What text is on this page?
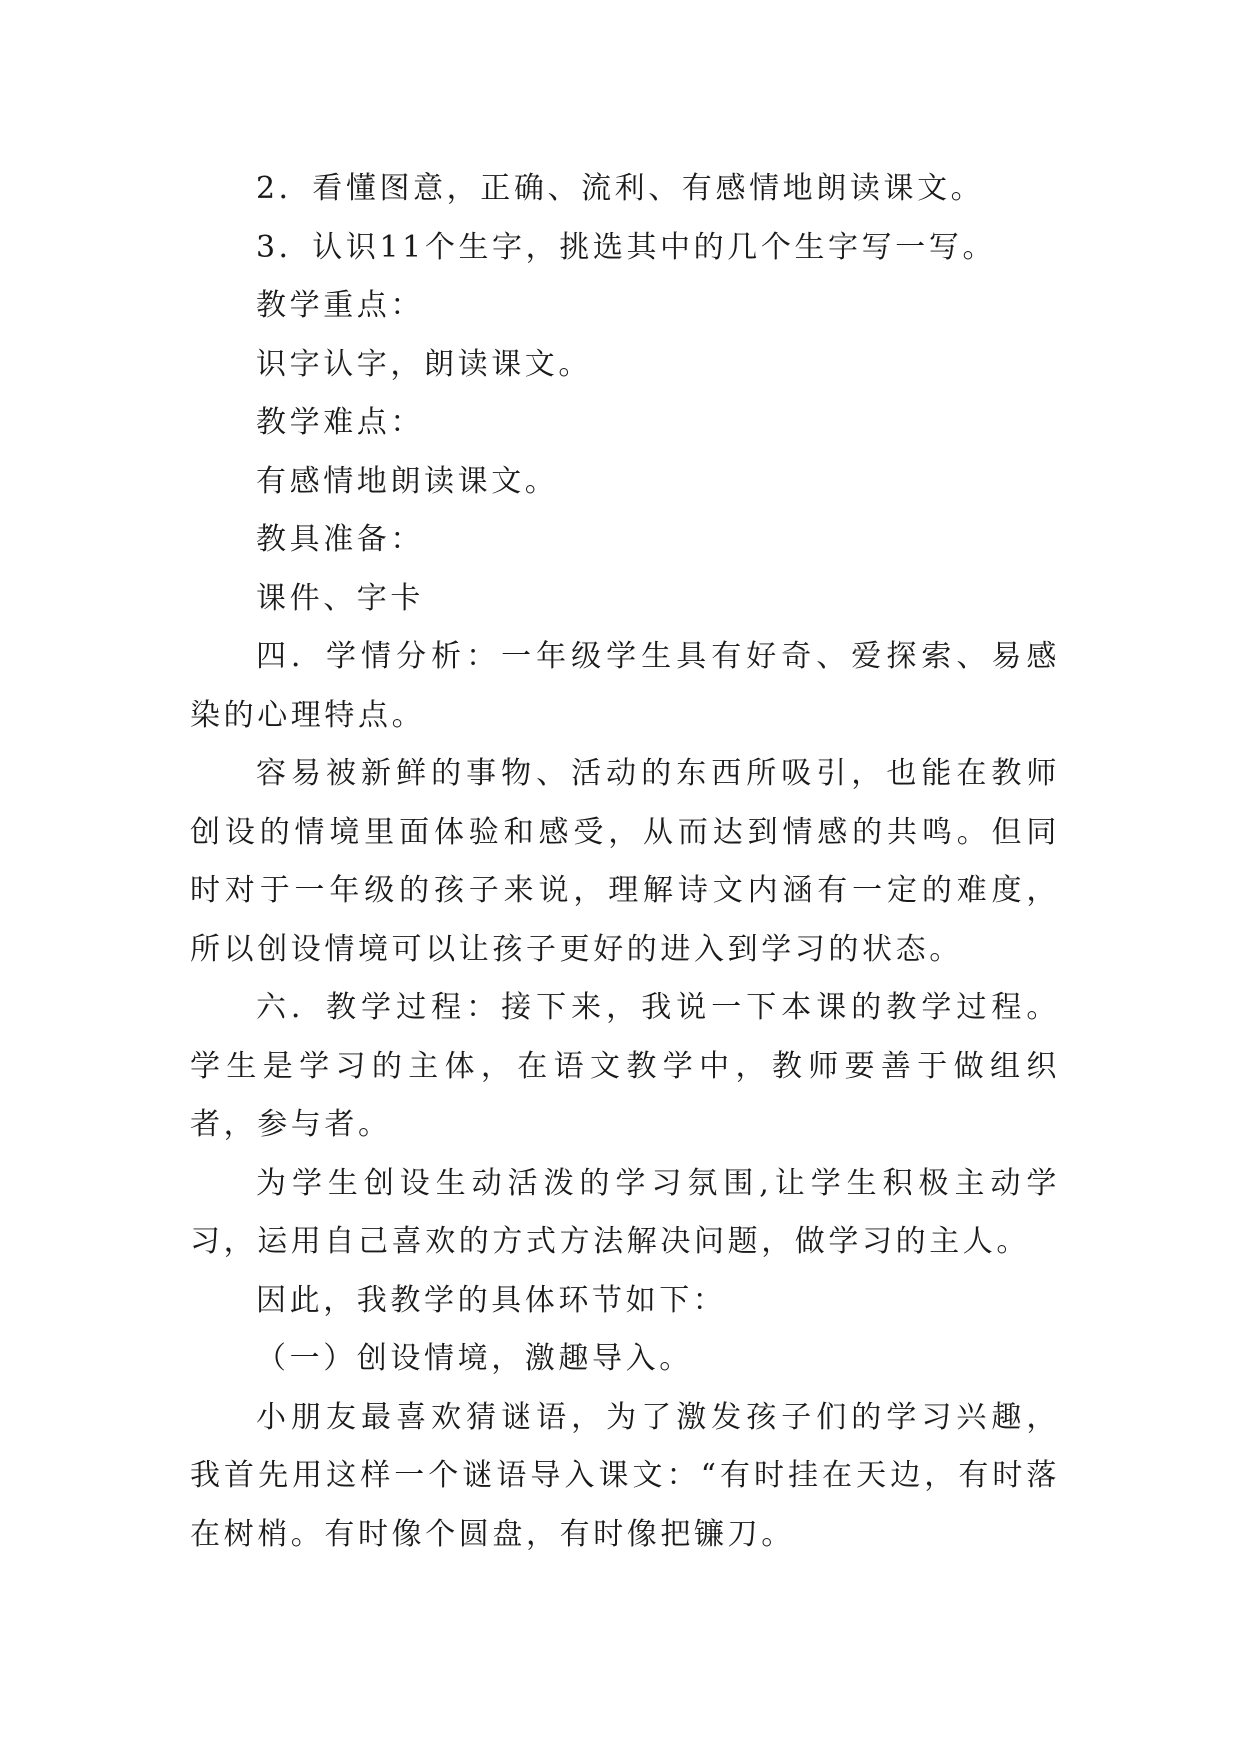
2．看懂图意，正确、流利、有感情地朗读课文。

3．认识11个生字，挑选其中的几个生字写一写。

教学重点：

识字认字，朗读课文。

教学难点：

有感情地朗读课文。

教具准备：

课件、字卡

四．学情分析：一年级学生具有好奇、爱探索、易感染的心理特点。

容易被新鲜的事物、活动的东西所吸引，也能在教师创设的情境里面体验和感受，从而达到情感的共鸣。但同时对于一年级的孩子来说，理解诗文内涵有一定的难度，所以创设情境可以让孩子更好的进入到学习的状态。

六．教学过程：接下来，我说一下本课的教学过程。学生是学习的主体，在语文教学中，教师要善于做组织者，参与者。

为学生创设生动活泼的学习氛围,让学生积极主动学习，运用自己喜欢的方式方法解决问题，做学习的主人。

因此，我教学的具体环节如下：

（一）创设情境，激趣导入。

小朋友最喜欢猜谜语，为了激发孩子们的学习兴趣，我首先用这样一个谜语导入课文：“有时挂在天边，有时落在树梢。有时像个圆盘，有时像把镰刀。
